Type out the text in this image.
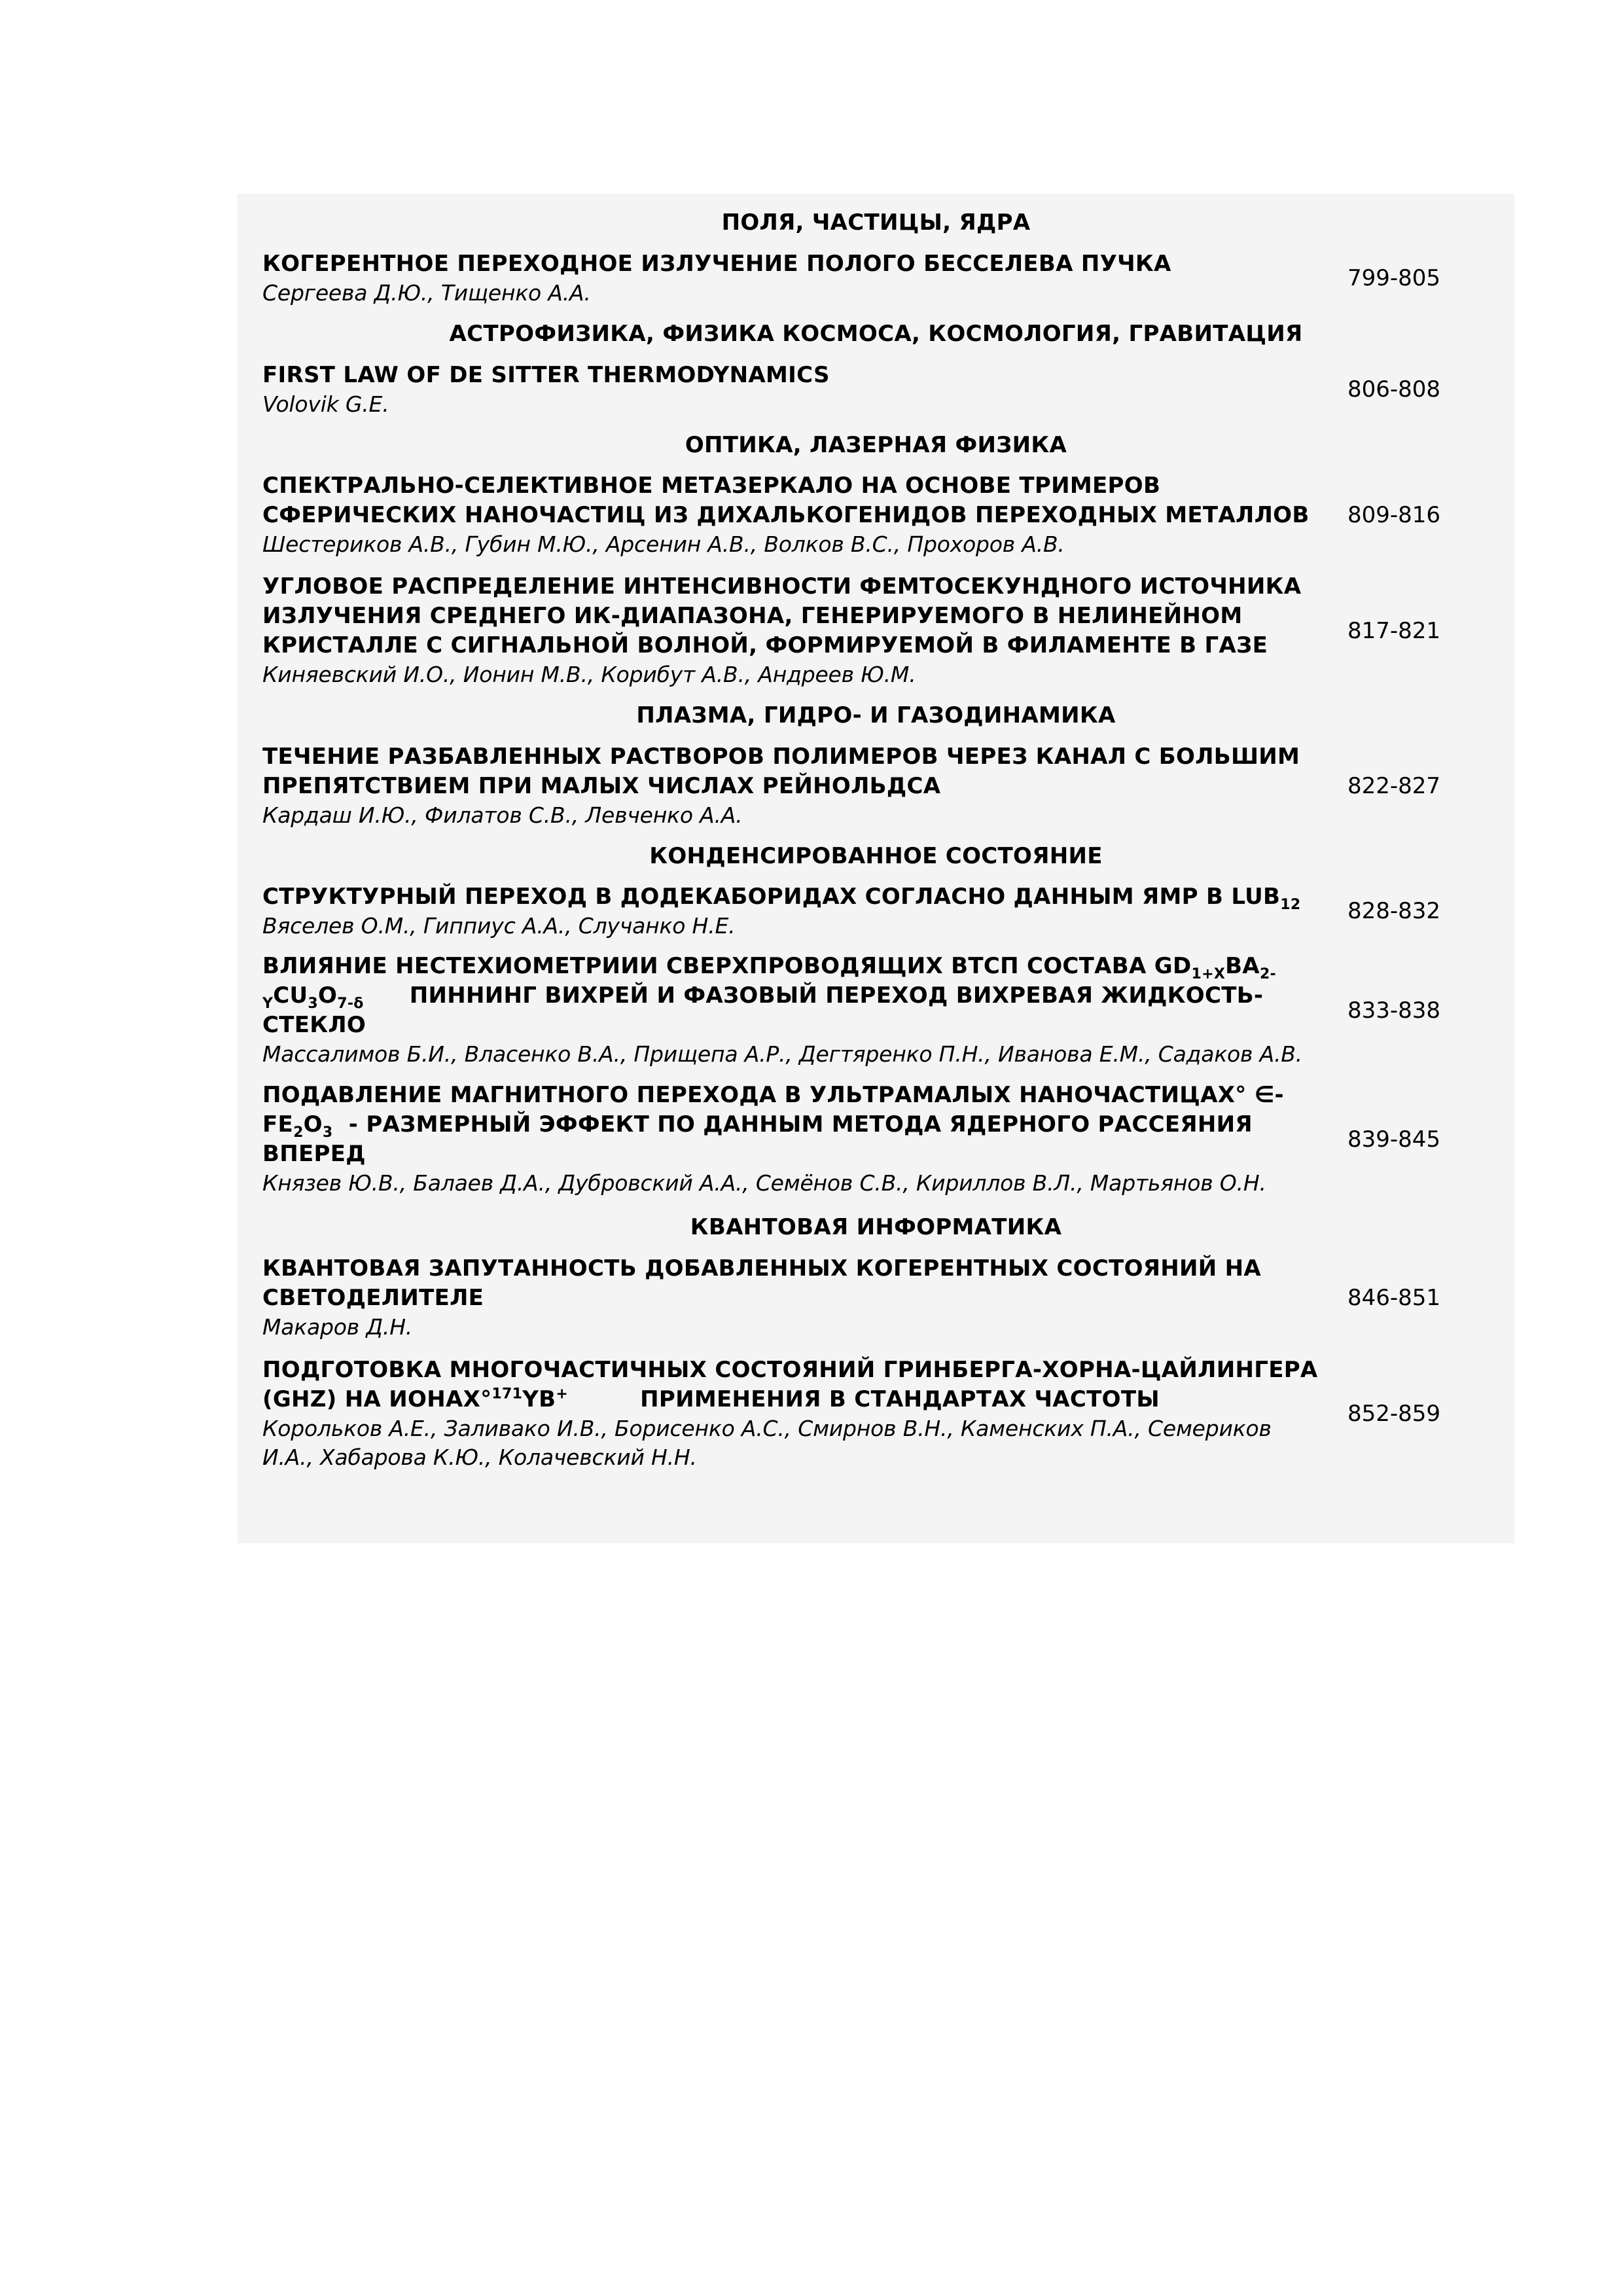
ПОЛЯ, ЧАСТИЦЫ, ЯДРА
КОГЕРЕНТНОЕ ПЕРЕХОДНОЕ ИЗЛУЧЕНИЕ ПОЛОГО БЕССЕЛЕВА ПУЧКА
Сергеева Д.Ю., Тищенко А.А.
799-805
АСТРОФИЗИКА, ФИЗИКА КОСМОСА, КОСМОЛОГИЯ, ГРАВИТАЦИЯ
FIRST LAW OF DE SITTER THERMODYNAMICS
Volovik G.E.
806-808
ОПТИКА, ЛАЗЕРНАЯ ФИЗИКА
СПЕКТРАЛЬНО-СЕЛЕКТИВНОЕ МЕТАЗЕРКАЛО НА ОСНОВЕ ТРИМЕРОВ
СФЕРИЧЕСКИХ НАНОЧАСТИЦ ИЗ ДИХАЛЬКОГЕНИДОВ ПЕРЕХОДНЫХ МЕТАЛЛОВ
Шестериков А.В., Губин М.Ю., Арсенин А.В., Волков В.С., Прохоров А.В.
809-816
УГЛОВОЕ РАСПРЕДЕЛЕНИЕ ИНТЕНСИВНОСТИ ФЕМТОСЕКУНДНОГО ИСТОЧНИКА
ИЗЛУЧЕНИЯ СРЕДНЕГО ИК-ДИАПАЗОНА, ГЕНЕРИРУЕМОГО В НЕЛИНЕЙНОМ
КРИСТАЛЛЕ С СИГНАЛЬНОЙ ВОЛНОЙ, ФОРМИРУЕМОЙ В ФИЛАМЕНТЕ В ГАЗЕ
Киняевский И.О., Ионин М.В., Корибут А.В., Андреев Ю.М.
817-821
ПЛАЗМА, ГИДРО- И ГАЗОДИНАМИКА
ТЕЧЕНИЕ РАЗБАВЛЕННЫХ РАСТВОРОВ ПОЛИМЕРОВ ЧЕРЕЗ КАНАЛ С БОЛЬШИМ
ПРЕПЯТСТВИЕМ ПРИ МАЛЫХ ЧИСЛАХ РЕЙНОЛЬДСА
Кардаш И.Ю., Филатов С.В., Левченко А.А.
822-827
КОНДЕНСИРОВАННОЕ СОСТОЯНИЕ
СТРУКТУРНЫЙ ПЕРЕХОД В ДОДЕКАБОРИДАХ СОГЛАСНО ДАННЫМ ЯМР В $LUB_{12}$
Вяселев О.М., Гиппиус А.А., Случанко Н.Е.
828-832
ВЛИЯНИЕ НЕСТЕХИОМЕТРИИИ СВЕРХПРОВОДЯЩИХ ВТСП СОСТАВА $GD_{1+X}BA_{2-}$
$_YCU_3O_{7-\delta}$ ПИННИНГ ВИХРЕЙ И ФАЗОВЫЙ ПЕРЕХОД ВИХРЕВАЯ ЖИДКОСТЬ-
СТЕКЛО
Массалимов Б.И., Власенко В.А., Прищепа А.Р., Дегтяренко П.Н., Иванова Е.М., Садаков А.В.
833-838
ПОДАВЛЕНИЕ МАГНИТНОГО ПЕРЕХОДА В УЛЬТРАМАЛЫХ НАНОЧАСТИЦАХ° ∈-
$FE_2O_3$  - РАЗМЕРНЫЙ ЭФФЕКТ ПО ДАННЫМ МЕТОДА ЯДЕРНОГО РАССЕЯНИЯ
ВПЕРЕД
Князев Ю.В., Балаев Д.А., Дубровский А.А., Семёнов С.В., Кириллов В.Л., Мартьянов О.Н.
839-845
КВАНТОВАЯ ИНФОРМАТИКА
КВАНТОВАЯ ЗАПУТАННОСТЬ ДОБАВЛЕННЫХ КОГЕРЕНТНЫХ СОСТОЯНИЙ НА
СВЕТОДЕЛИТЕЛЕ
Макаров Д.Н.
846-851
ПОДГОТОВКА МНОГОЧАСТИЧНЫХ СОСТОЯНИЙ ГРИНБЕРГА-ХОРНА-ЦАЙЛИНГЕРА
(GHZ) НА ИОНАХ°$^{171}$YB+	ПРИМЕНЕНИЯ В СТАНДАРТАХ ЧАСТОТЫ
Корольков А.Е., Заливако И.В., Борисенко А.С., Смирнов В.Н., Каменских П.А., Семериков
И.А., Хабарова К.Ю., Колачевский Н.Н.
852-859
